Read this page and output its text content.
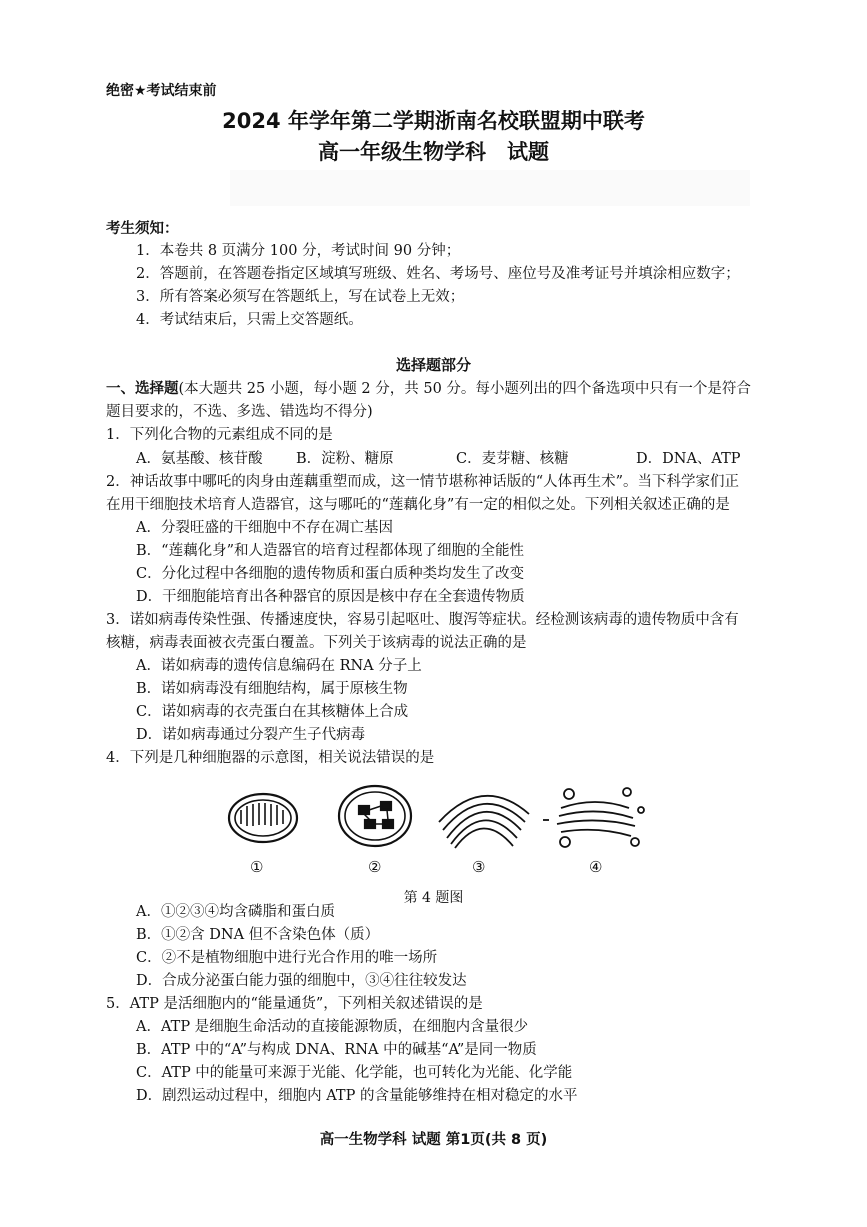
绝密★考试结束前
2024 年学年第二学期浙南名校联盟期中联考
高一年级生物学科　试题
考生须知：
1．本卷共 8 页满分 100 分，考试时间 90 分钟；
2．答题前，在答题卷指定区域填写班级、姓名、考场号、座位号及准考证号并填涂相应数字；
3．所有答案必须写在答题纸上，写在试卷上无效；
4．考试结束后，只需上交答题纸。
选择题部分
一、选择题(本大题共 25 小题，每小题 2 分，共 50 分。每小题列出的四个备选项中只有一个是符合
题目要求的，不选、多选、错选均不得分)
1．下列化合物的元素组成不同的是
A．氨基酸、核苷酸 B．淀粉、糖原	C．麦芽糖、核糖	D．DNA、ATP
2．神话故事中哪吒的肉身由莲藕重塑而成，这一情节堪称神话版的“人体再生术”。当下科学家们正
在用干细胞技术培育人造器官，这与哪吒的“莲藕化身”有一定的相似之处。下列相关叙述正确的是
A．分裂旺盛的干细胞中不存在凋亡基因
B．“莲藕化身”和人造器官的培育过程都体现了细胞的全能性
C．分化过程中各细胞的遗传物质和蛋白质种类均发生了改变
D．干细胞能培育出各种器官的原因是核中存在全套遗传物质
3．诺如病毒传染性强、传播速度快，容易引起呕吐、腹泻等症状。经检测该病毒的遗传物质中含有
核糖，病毒表面被衣壳蛋白覆盖。下列关于该病毒的说法正确的是
A．诺如病毒的遗传信息编码在 RNA 分子上
B．诺如病毒没有细胞结构，属于原核生物
C．诺如病毒的衣壳蛋白在其核糖体上合成
D．诺如病毒通过分裂产生子代病毒
4．下列是几种细胞器的示意图，相关说法错误的是
①	②	③	④
第 4 题图
A．①②③④均含磷脂和蛋白质
B．①②含 DNA 但不含染色体（质）
C．②不是植物细胞中进行光合作用的唯一场所
D．合成分泌蛋白能力强的细胞中，③④往往较发达
5．ATP 是活细胞内的“能量通货”，下列相关叙述错误的是
A．ATP 是细胞生命活动的直接能源物质，在细胞内含量很少
B．ATP 中的“A”与构成 DNA、RNA 中的碱基“A”是同一物质
C．ATP 中的能量可来源于光能、化学能，也可转化为光能、化学能
D．剧烈运动过程中，细胞内 ATP 的含量能够维持在相对稳定的水平
高一生物学科 试题 第1页(共 8 页)
